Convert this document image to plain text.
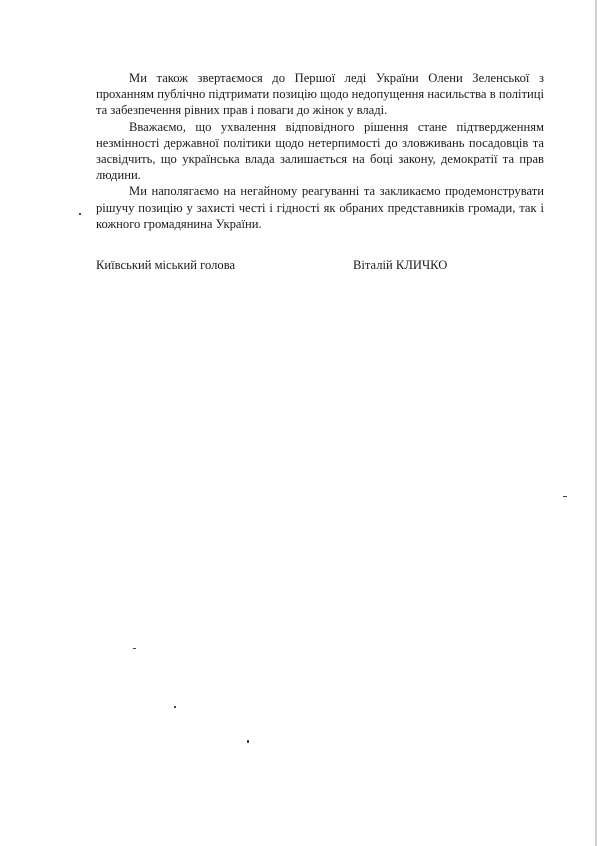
Ми також звертаємося до Першої леді України Олени Зеленської з проханням публічно підтримати позицію щодо недопущення насильства в політиці та забезпечення рівних прав і поваги до жінок у владі.

Вважаємо, що ухвалення відповідного рішення стане підтвердженням незмінності державної політики щодо нетерпимості до зловживань посадовців та засвідчить, що українська влада залишається на боці закону, демократії та прав людини.

Ми наполягаємо на негайному реагуванні та закликаємо продемонструвати рішучу позицію у захисті честі і гідності як обраних представників громади, так і кожного громадянина України.

Київський міський голова	Віталій КЛИЧКО
